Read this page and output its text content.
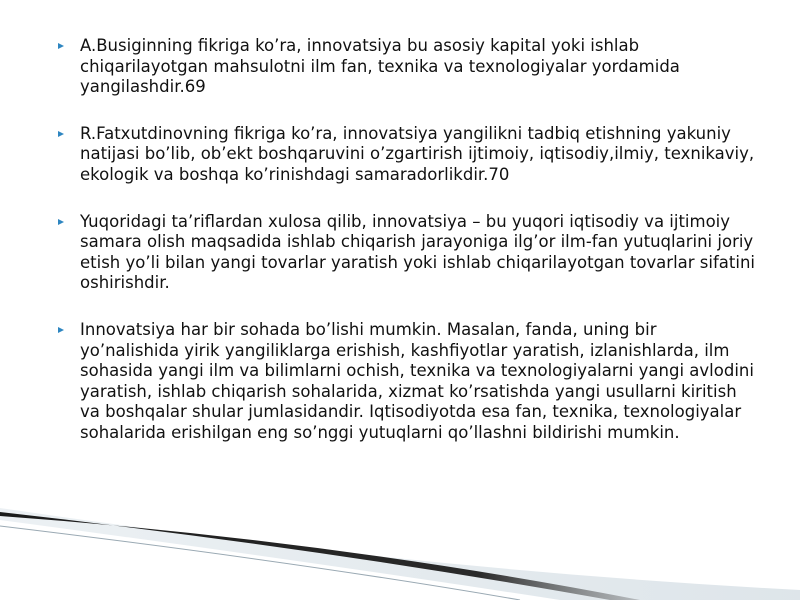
A.Busiginning fikriga ko’ra, innovatsiya bu asosiy kapital yoki ishlab chiqarilayotgan mahsulotni ilm fan, texnika va texnologiyalar yordamida yangilashdir.69
R.Fatxutdinovning fikriga ko’ra, innovatsiya yangilikni tadbiq etishning yakuniy natijasi bo’lib, ob’ekt boshqaruvini o’zgartirish ijtimoiy, iqtisodiy,ilmiy, texnikaviy, ekologik va boshqa ko’rinishdagi samaradorlikdir.70
Yuqoridagi ta’riflardan xulosa qilib, innovatsiya – bu yuqori iqtisodiy va ijtimoiy samara olish maqsadida ishlab chiqarish jarayoniga ilg’or ilm-fan yutuqlarini joriy etish yo’li bilan yangi tovarlar yaratish yoki ishlab chiqarilayotgan tovarlar sifatini oshirishdir.
Innovatsiya har bir sohada bo’lishi mumkin. Masalan, fanda, uning bir yo’nalishida yirik yangiliklarga erishish, kashfiyotlar yaratish, izlanishlarda, ilm sohasida yangi ilm va bilimlarni ochish, texnika va texnologiyalarni yangi avlodini yaratish, ishlab chiqarish sohalarida, xizmat ko’rsatishda yangi usullarni kiritish va boshqalar shular jumlasidandir. Iqtisodiyotda esa fan, texnika, texnologiyalar sohalarida erishilgan eng so’nggi yutuqlarni qo’llashni bildirishi mumkin.
